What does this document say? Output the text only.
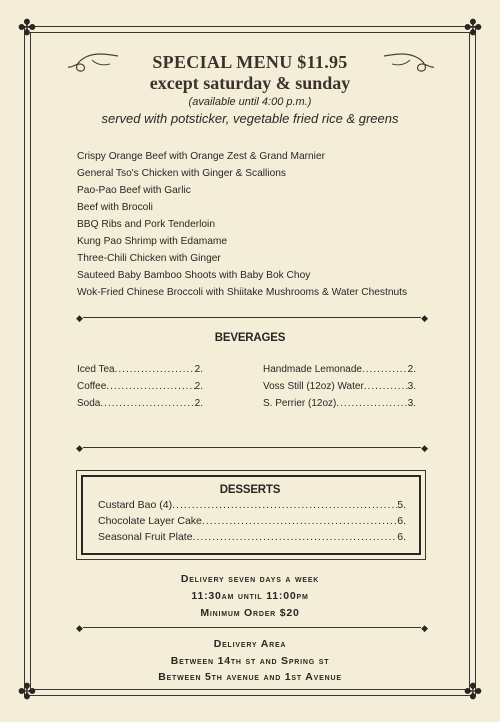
✤	✤
✤	✤
SPECIAL MENU $11.95
except saturday & sunday
(available until 4:00 p.m.)
served with potsticker, vegetable fried rice & greens
Crispy Orange Beef with Orange Zest & Grand Marnier
General Tso's Chicken with Ginger & Scallions
Pao-Pao Beef with Garlic
Beef with Brocoli
BBQ Ribs and Pork Tenderloin
Kung Pao Shrimp with Edamame
Three-Chili Chicken with Ginger
Sauteed Baby Bamboo Shoots with Baby Bok Choy
Wok-Fried Chinese Broccoli with Shiitake Mushrooms & Water Chestnuts
◆	◆
BEVERAGES
Iced Tea .....	2.
Coffee .....	2.
Soda .....	2.
Handmade Lemonade .....	2.
Voss Still (12oz) Water .....	3.
S. Perrier (12oz) .....	3.
◆	◆
DESSERTS
Custard Bao (4) .....	5.
Chocolate Layer Cake .....	6.
Seasonal Fruit Plate .....	6.
Delivery seven days a week
11:30am until 11:00pm
Minimum Order $20
◆	◆
Delivery Area
Between 14th st and Spring st
Between 5th avenue and 1st Avenue
